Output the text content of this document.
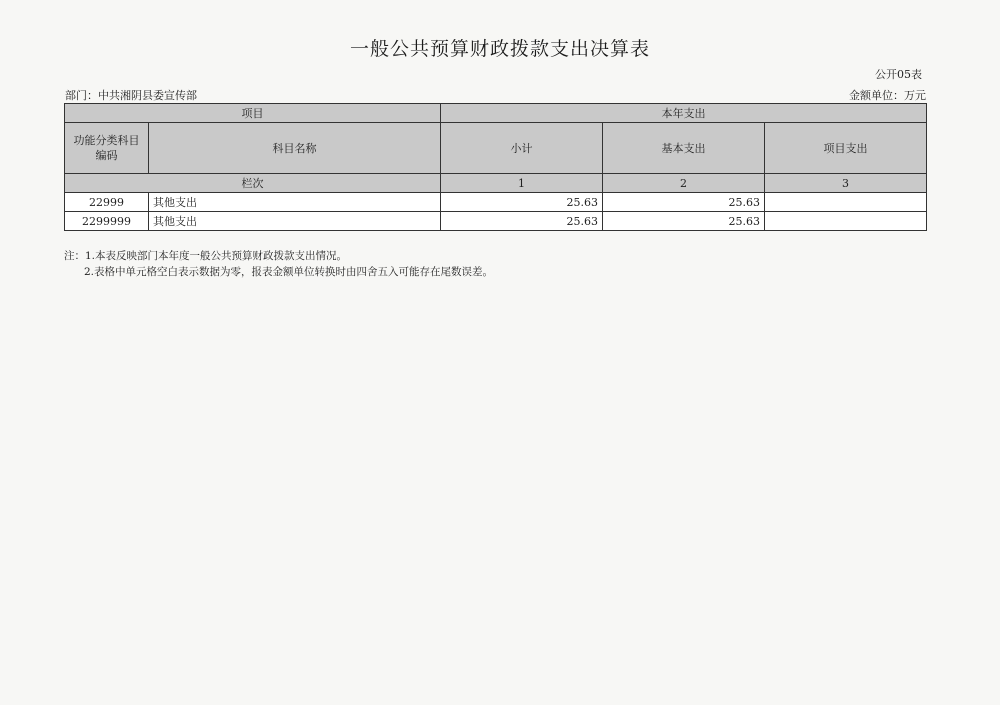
一般公共预算财政拨款支出决算表
公开05表
部门：中共湘阴县委宣传部	金额单位：万元
项目		本年支出		
功能分类科目编码	科目名称	小计	基本支出	项目支出
栏次		1	2	3
22999	其他支出	25.63	25.63	
2299999	其他支出	25.63	25.63	
注：1.本表反映部门本年度一般公共预算财政拨款支出情况。
2.表格中单元格空白表示数据为零，报表金额单位转换时由四舍五入可能存在尾数误差。
